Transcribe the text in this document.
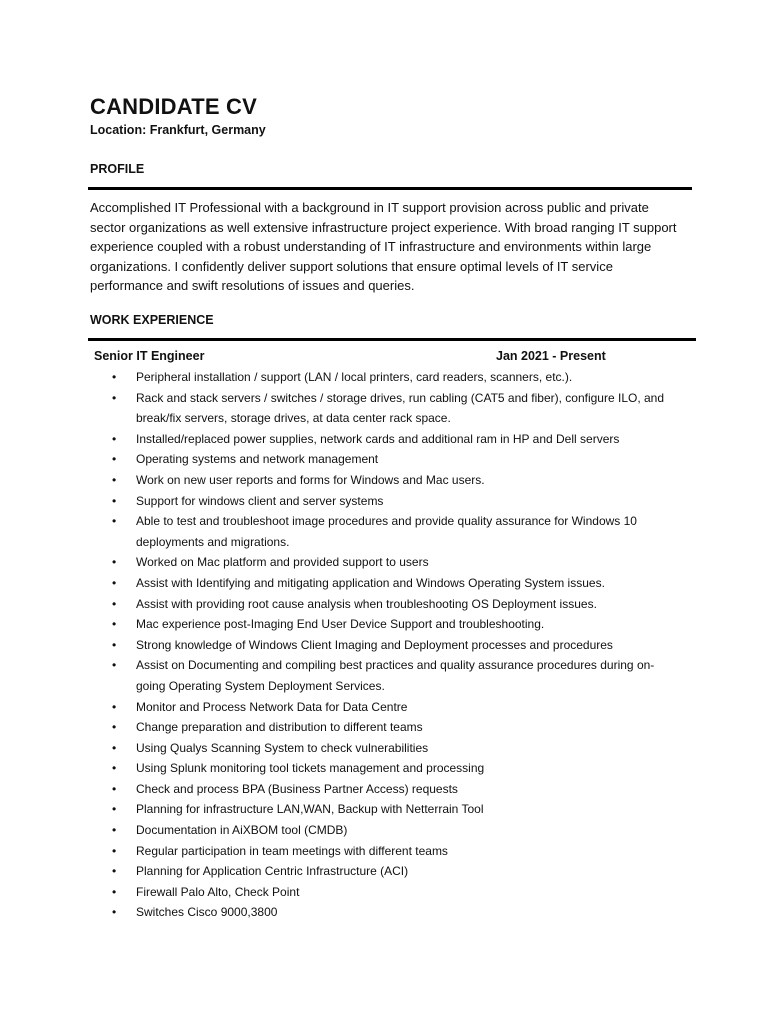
CANDIDATE CV
Location: Frankfurt, Germany
PROFILE

Accomplished IT Professional with a background in IT support provision across public and private sector organizations as well extensive infrastructure project experience. With broad ranging IT support experience coupled with a robust understanding of IT infrastructure and environments within large organizations. I confidently deliver support solutions that ensure optimal levels of IT service performance and swift resolutions of issues and queries.

WORK EXPERIENCE
Senior IT Engineer	Jan 2021 - Present
• Peripheral installation / support (LAN / local printers, card readers, scanners, etc.).
• Rack and stack servers / switches / storage drives, run cabling (CAT5 and fiber), configure ILO, and break/fix servers, storage drives, at data center rack space.
• Installed/replaced power supplies, network cards and additional ram in HP and Dell servers
• Operating systems and network management
• Work on new user reports and forms for Windows and Mac users.
• Support for windows client and server systems
• Able to test and troubleshoot image procedures and provide quality assurance for Windows 10 deployments and migrations.
• Worked on Mac platform and provided support to users
• Assist with Identifying and mitigating application and Windows Operating System issues.
• Assist with providing root cause analysis when troubleshooting OS Deployment issues.
• Mac experience post-Imaging End User Device Support and troubleshooting.
• Strong knowledge of Windows Client Imaging and Deployment processes and procedures
• Assist on Documenting and compiling best practices and quality assurance procedures during on-going Operating System Deployment Services.
• Monitor and Process Network Data for Data Centre
• Change preparation and distribution to different teams
• Using Qualys Scanning System to check vulnerabilities
• Using Splunk monitoring tool tickets management and processing
• Check and process BPA (Business Partner Access) requests
• Planning for infrastructure LAN,WAN, Backup with Netterrain Tool
• Documentation in AiXBOM tool (CMDB)
• Regular participation in team meetings with different teams
• Planning for Application Centric Infrastructure (ACI)
• Firewall Palo Alto, Check Point
• Switches Cisco 9000,3800
